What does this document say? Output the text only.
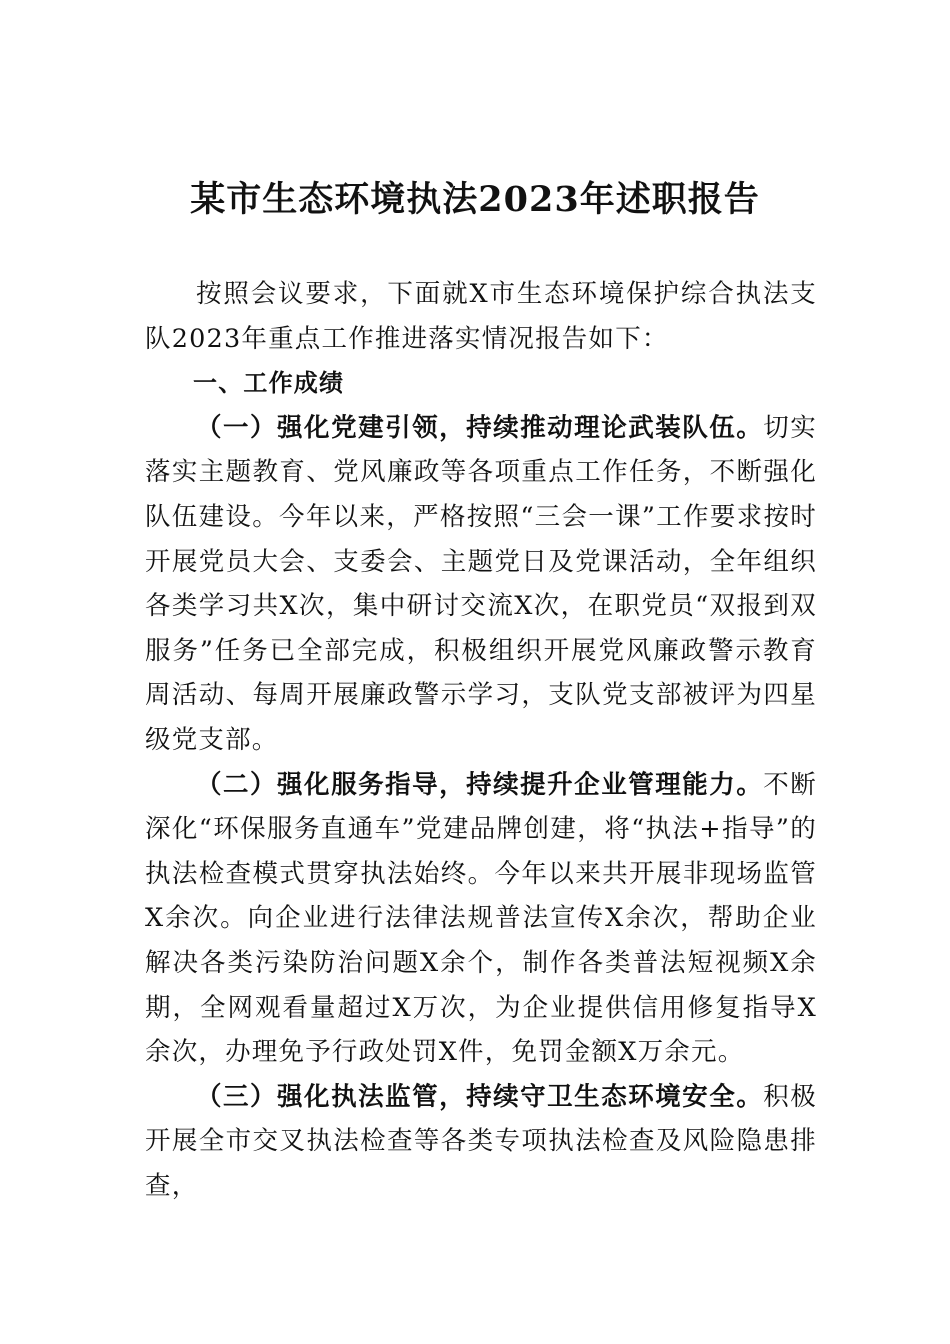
某市生态环境执法2023年述职报告

按照会议要求，下面就X市生态环境保护综合执法支队2023年重点工作推进落实情况报告如下：

一、工作成绩

（一）强化党建引领，持续推动理论武装队伍。切实落实主题教育、党风廉政等各项重点工作任务，不断强化队伍建设。今年以来，严格按照“三会一课”工作要求按时开展党员大会、支委会、主题党日及党课活动，全年组织各类学习共X次，集中研讨交流X次，在职党员“双报到双服务”任务已全部完成，积极组织开展党风廉政警示教育周活动、每周开展廉政警示学习，支队党支部被评为四星级党支部。

（二）强化服务指导，持续提升企业管理能力。不断深化“环保服务直通车”党建品牌创建，将“执法+指导”的执法检查模式贯穿执法始终。今年以来共开展非现场监管X余次。向企业进行法律法规普法宣传X余次，帮助企业解决各类污染防治问题X余个，制作各类普法短视频X余期，全网观看量超过X万次，为企业提供信用修复指导X余次，办理免予行政处罚X件，免罚金额X万余元。

（三）强化执法监管，持续守卫生态环境安全。积极开展全市交叉执法检查等各类专项执法检查及风险隐患排查，
